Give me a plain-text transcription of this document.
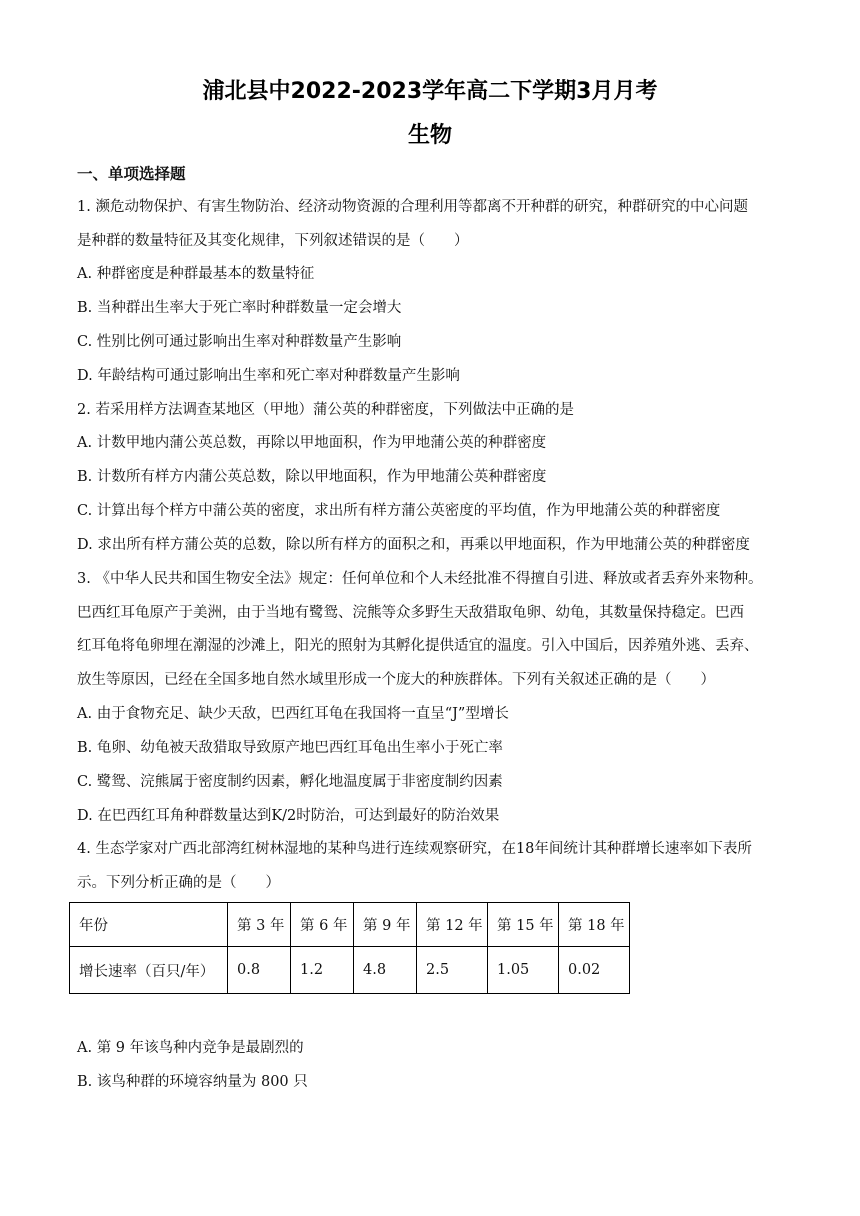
浦北县中2022-2023学年高二下学期3月月考
生物
一、单项选择题
1. 濒危动物保护、有害生物防治、经济动物资源的合理利用等都离不开种群的研究，种群研究的中心问题
是种群的数量特征及其变化规律，下列叙述错误的是（　　）
A. 种群密度是种群最基本的数量特征
B. 当种群出生率大于死亡率时种群数量一定会增大
C. 性别比例可通过影响出生率对种群数量产生影响
D. 年龄结构可通过影响出生率和死亡率对种群数量产生影响
2. 若采用样方法调查某地区（甲地）蒲公英的种群密度，下列做法中正确的是
A. 计数甲地内蒲公英总数，再除以甲地面积，作为甲地蒲公英的种群密度
B. 计数所有样方内蒲公英总数，除以甲地面积，作为甲地蒲公英种群密度
C. 计算出每个样方中蒲公英的密度，求出所有样方蒲公英密度的平均值，作为甲地蒲公英的种群密度
D. 求出所有样方蒲公英的总数，除以所有样方的面积之和，再乘以甲地面积，作为甲地蒲公英的种群密度
3. 《中华人民共和国生物安全法》规定：任何单位和个人未经批准不得擅自引进、释放或者丢弃外来物种。
巴西红耳龟原产于美洲，由于当地有鹭鸳、浣熊等众多野生天敌猎取龟卵、幼龟，其数量保持稳定。巴西
红耳龟将龟卵埋在潮湿的沙滩上，阳光的照射为其孵化提供适宜的温度。引入中国后，因养殖外逃、丢弃、
放生等原因，已经在全国多地自然水域里形成一个庞大的种族群体。下列有关叙述正确的是（　　）
A. 由于食物充足、缺少天敌，巴西红耳龟在我国将一直呈“J”型增长
B. 龟卵、幼龟被天敌猎取导致原产地巴西红耳龟出生率小于死亡率
C. 鹭鸳、浣熊属于密度制约因素，孵化地温度属于非密度制约因素
D. 在巴西红耳角种群数量达到K/2时防治，可达到最好的防治效果
4. 生态学家对广西北部湾红树林湿地的某种鸟进行连续观察研究，在18年间统计其种群增长速率如下表所
示。下列分析正确的是（　　）
年份	第 3 年	第 6 年	第 9 年	第 12 年	第 15 年	第 18 年
增长速率（百只/年）	0.8	1.2	4.8	2.5	1.05	0.02
A. 第 9 年该鸟种内竞争是最剧烈的
B. 该鸟种群的环境容纳量为 800 只
